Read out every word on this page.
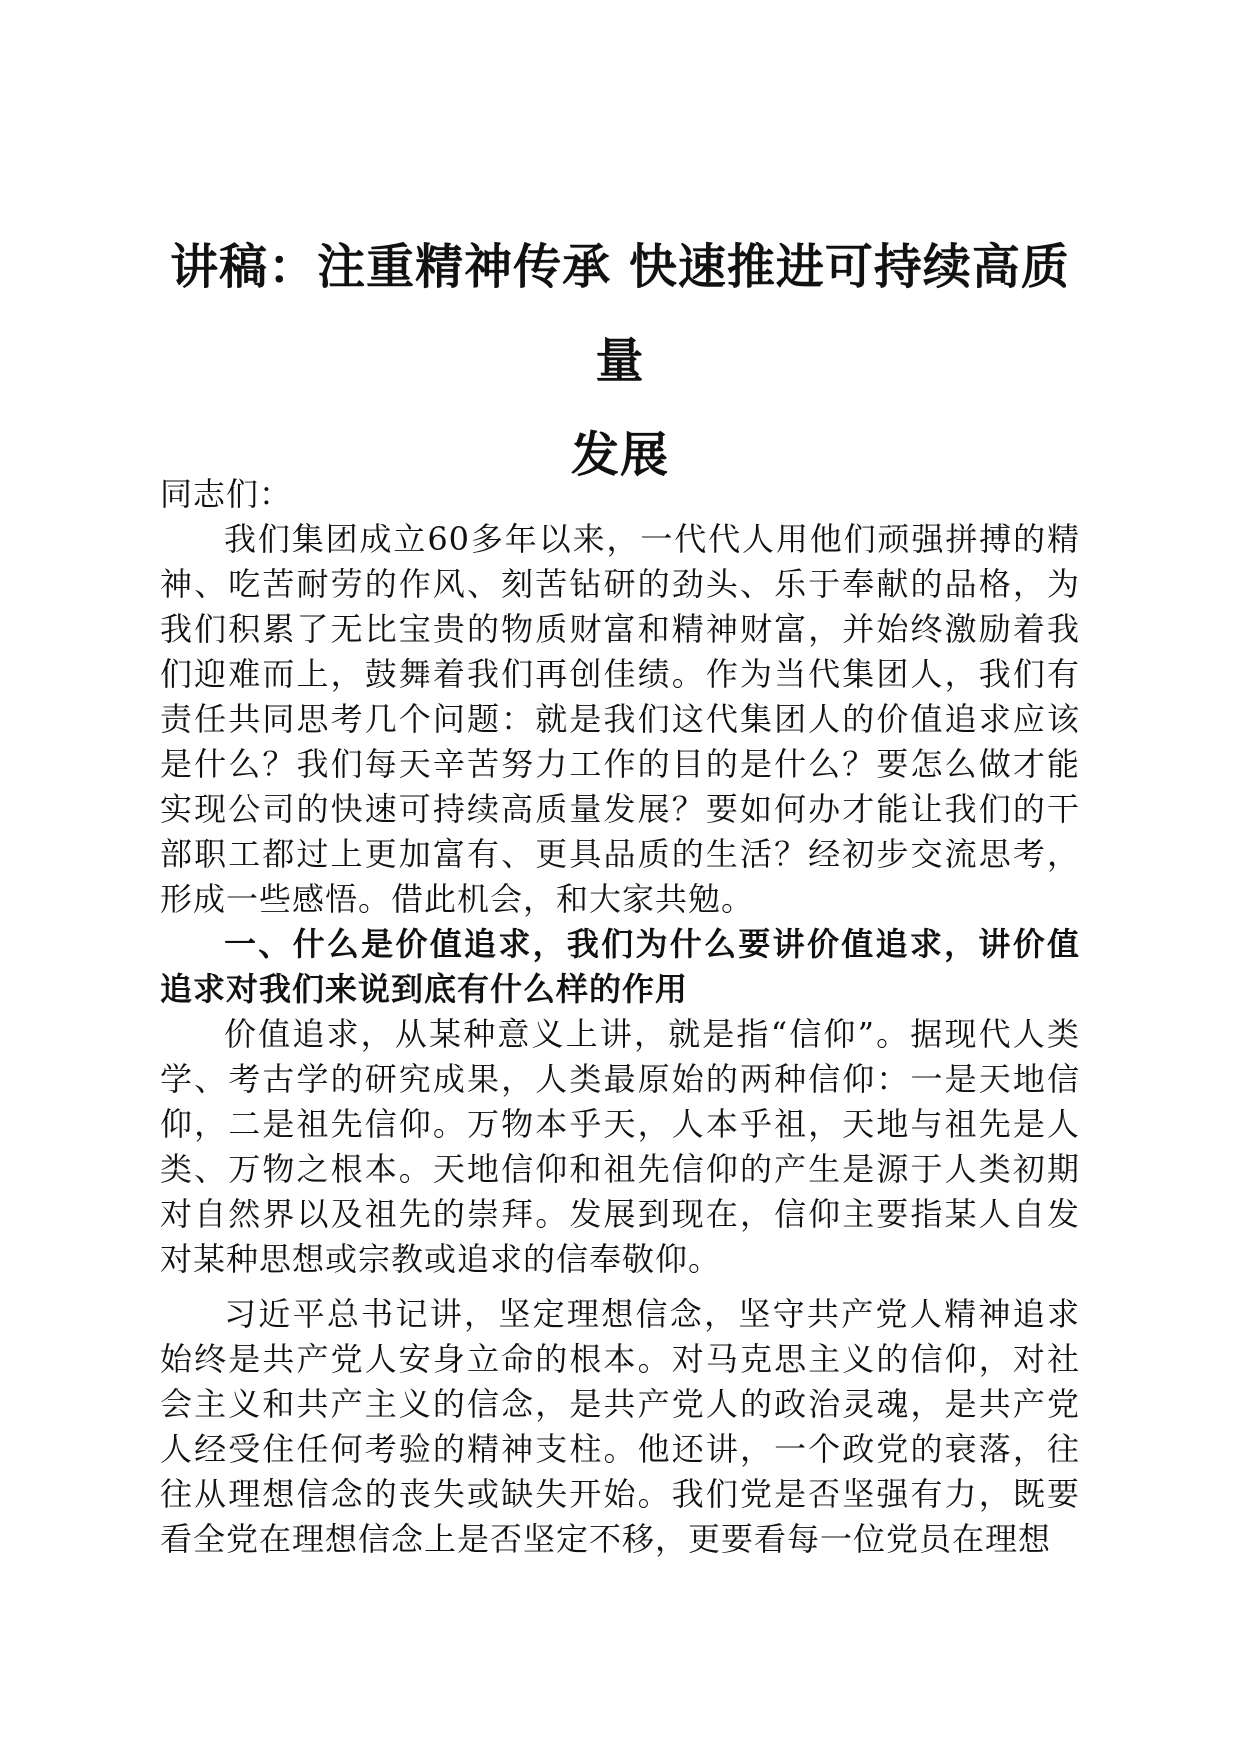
讲稿：注重精神传承 快速推进可持续高质量
发展

同志们：

我们集团成立60多年以来，一代代人用他们顽强拼搏的精神、吃苦耐劳的作风、刻苦钻研的劲头、乐于奉献的品格，为我们积累了无比宝贵的物质财富和精神财富，并始终激励着我们迎难而上，鼓舞着我们再创佳绩。作为当代集团人，我们有责任共同思考几个问题：就是我们这代集团人的价值追求应该是什么？我们每天辛苦努力工作的目的是什么？要怎么做才能实现公司的快速可持续高质量发展？要如何办才能让我们的干部职工都过上更加富有、更具品质的生活？经初步交流思考，形成一些感悟。借此机会，和大家共勉。

一、什么是价值追求，我们为什么要讲价值追求，讲价值追求对我们来说到底有什么样的作用

价值追求，从某种意义上讲，就是指“信仰”。据现代人类学、考古学的研究成果，人类最原始的两种信仰：一是天地信仰，二是祖先信仰。万物本乎天，人本乎祖，天地与祖先是人类、万物之根本。天地信仰和祖先信仰的产生是源于人类初期对自然界以及祖先的崇拜。发展到现在，信仰主要指某人自发对某种思想或宗教或追求的信奉敬仰。

习近平总书记讲，坚定理想信念，坚守共产党人精神追求始终是共产党人安身立命的根本。对马克思主义的信仰，对社会主义和共产主义的信念，是共产党人的政治灵魂，是共产党人经受住任何考验的精神支柱。他还讲，一个政党的衰落，往往从理想信念的丧失或缺失开始。我们党是否坚强有力，既要看全党在理想信念上是否坚定不移，更要看每一位党员在理想
